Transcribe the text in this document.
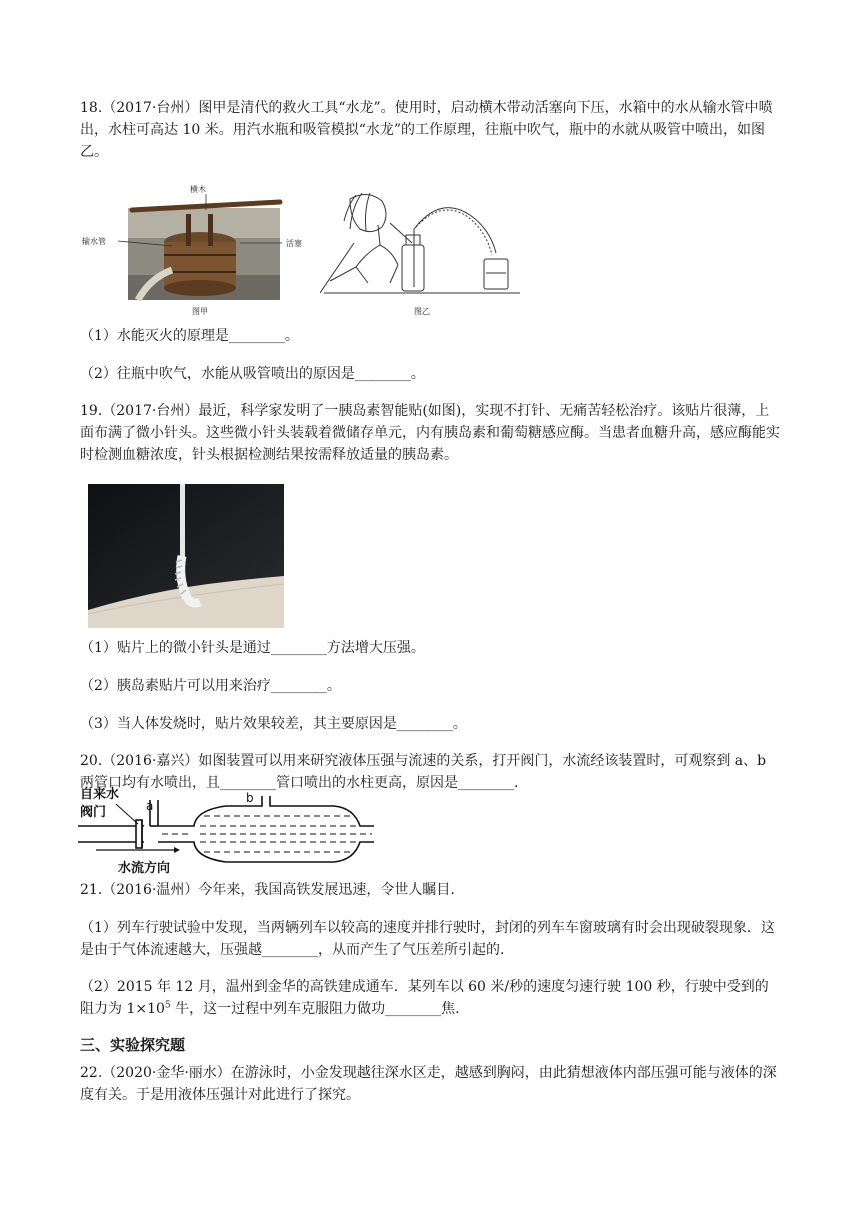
18.（2017·台州）图甲是清代的救火工具“水龙”。使用时，启动横木带动活塞向下压，水箱中的水从输水管中喷出，水柱可高达 10 米。用汽水瓶和吸管模拟“水龙”的工作原理，往瓶中吹气，瓶中的水就从吸管中喷出，如图乙。

横木
输水管	活塞
图甲	图乙

（1）水能灭火的原理是________。

（2）往瓶中吹气，水能从吸管喷出的原因是________。

19.（2017·台州）最近，科学家发明了一胰岛素智能贴(如图)，实现不打针、无痛苦轻松治疗。该贴片很薄，上面布满了微小针头。这些微小针头装载着微储存单元，内有胰岛素和葡萄糖感应酶。当患者血糖升高，感应酶能实时检测血糖浓度，针头根据检测结果按需释放适量的胰岛素。

（1）贴片上的微小针头是通过________方法增大压强。

（2）胰岛素贴片可以用来治疗________。

（3）当人体发烧时，贴片效果较差，其主要原因是________。

20.（2016·嘉兴）如图装置可以用来研究液体压强与流速的关系，打开阀门，水流经该装置时，可观察到 a、b 两管口均有水喷出，且________管口喷出的水柱更高，原因是________.

自来水
阀门	a
b
水流方向

21.（2016·温州）今年来，我国高铁发展迅速，令世人瞩目.

（1）列车行驶试验中发现，当两辆列车以较高的速度并排行驶时，封闭的列车车窗玻璃有时会出现破裂现象．这是由于气体流速越大，压强越________，从而产生了气压差所引起的.

（2）2015 年 12 月，温州到金华的高铁建成通车．某列车以 60 米/秒的速度匀速行驶 100 秒，行驶中受到的阻力为 $1\times 10^5$ 牛，这一过程中列车克服阻力做功________焦.

三、实验探究题

22.（2020·金华·丽水）在游泳时，小金发现越往深水区走，越感到胸闷，由此猜想液体内部压强可能与液体的深度有关。于是用液体压强计对此进行了探究。
